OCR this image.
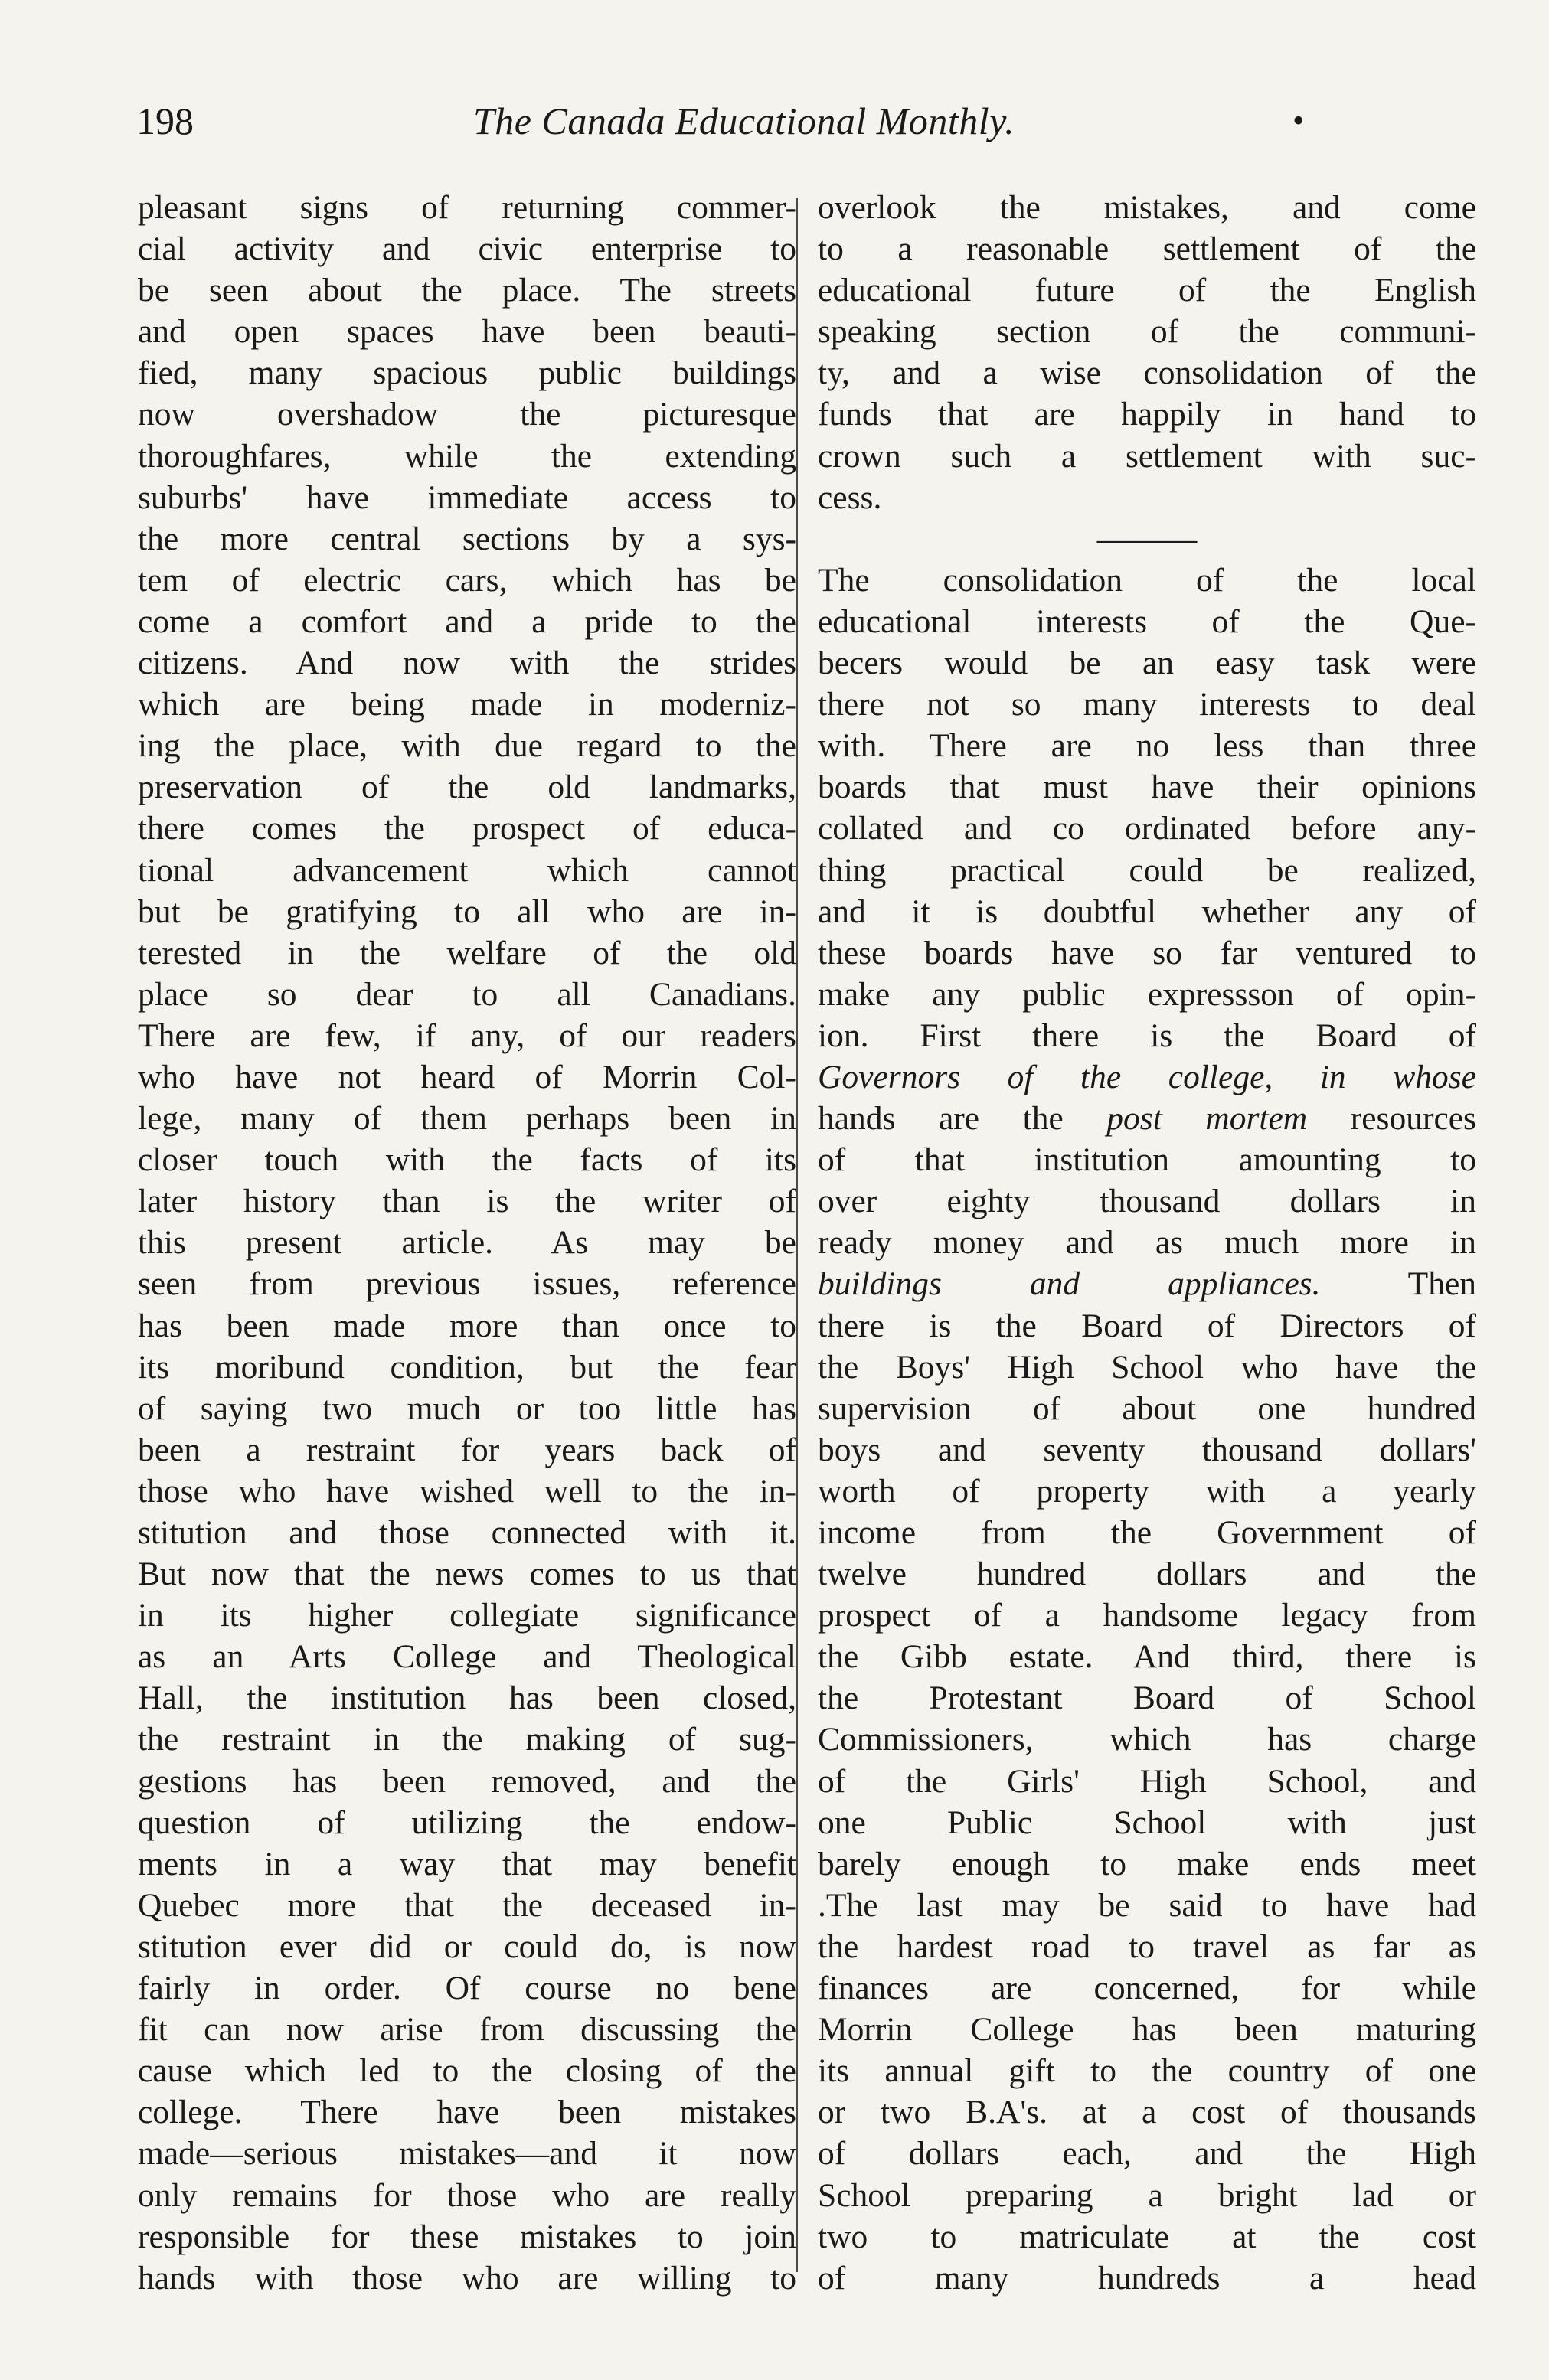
198	The Canada Educational Monthly.	•
pleasant signs of returning commer-
cial activity and civic enterprise to
be seen about the place. The streets
and open spaces have been beauti-
fied, many spacious public buildings
now overshadow the picturesque
thoroughfares, while the extending
suburbs' have immediate access to
the more central sections by a sys-
tem of electric cars, which has be
come a comfort and a pride to the
citizens. And now with the strides
which are being made in moderniz-
ing the place, with due regard to the
preservation of the old landmarks,
there comes the prospect of educa-
tional advancement which cannot
but be gratifying to all who are in-
terested in the welfare of the old
place so dear to all Canadians.
There are few, if any, of our readers
who have not heard of Morrin Col-
lege, many of them perhaps been in
closer touch with the facts of its
later history than is the writer of
this present article. As may be
seen from previous issues, reference
has been made more than once to
its moribund condition, but the fear
of saying two much or too little has
been a restraint for years back of
those who have wished well to the in-
stitution and those connected with it.
But now that the news comes to us that
in its higher collegiate significance
as an Arts College and Theological
Hall, the institution has been closed,
the restraint in the making of sug-
gestions has been removed, and the
question of utilizing the endow-
ments in a way that may benefit
Quebec more that the deceased in-
stitution ever did or could do, is now
fairly in order. Of course no bene
fit can now arise from discussing the
cause which led to the closing of the
college. There have been mistakes
made—serious mistakes—and it now
only remains for those who are really
responsible for these mistakes to join
hands with those who are willing to
overlook the mistakes, and come
to a reasonable settlement of the
educational future of the English
speaking section of the communi-
ty, and a wise consolidation of the
funds that are happily in hand to
crown such a settlement with suc-
cess.
———
The consolidation of the local
educational interests of the Que-
becers would be an easy task were
there not so many interests to deal
with. There are no less than three
boards that must have their opinions
collated and co ordinated before any-
thing practical could be realized,
and it is doubtful whether any of
these boards have so far ventured to
make any public expressson of opin-
ion. First there is the Board of
Governors of the college, in whose
hands are the post mortem resources
of that institution amounting to
over eighty thousand dollars in
ready money and as much more in
buildings and appliances. Then
there is the Board of Directors of
the Boys' High School who have the
supervision of about one hundred
boys and seventy thousand dollars'
worth of property with a yearly
income from the Government of
twelve hundred dollars and the
prospect of a handsome legacy from
the Gibb estate. And third, there is
the Protestant Board of School
Commissioners, which has charge
of the Girls' High School, and
one Public School with just
barely enough to make ends meet
.The last may be said to have had
the hardest road to travel as far as
finances are concerned, for while
Morrin College has been maturing
its annual gift to the country of one
or two B.A's. at a cost of thousands
of dollars each, and the High
School preparing a bright lad or
two to matriculate at the cost
of many hundreds a head
